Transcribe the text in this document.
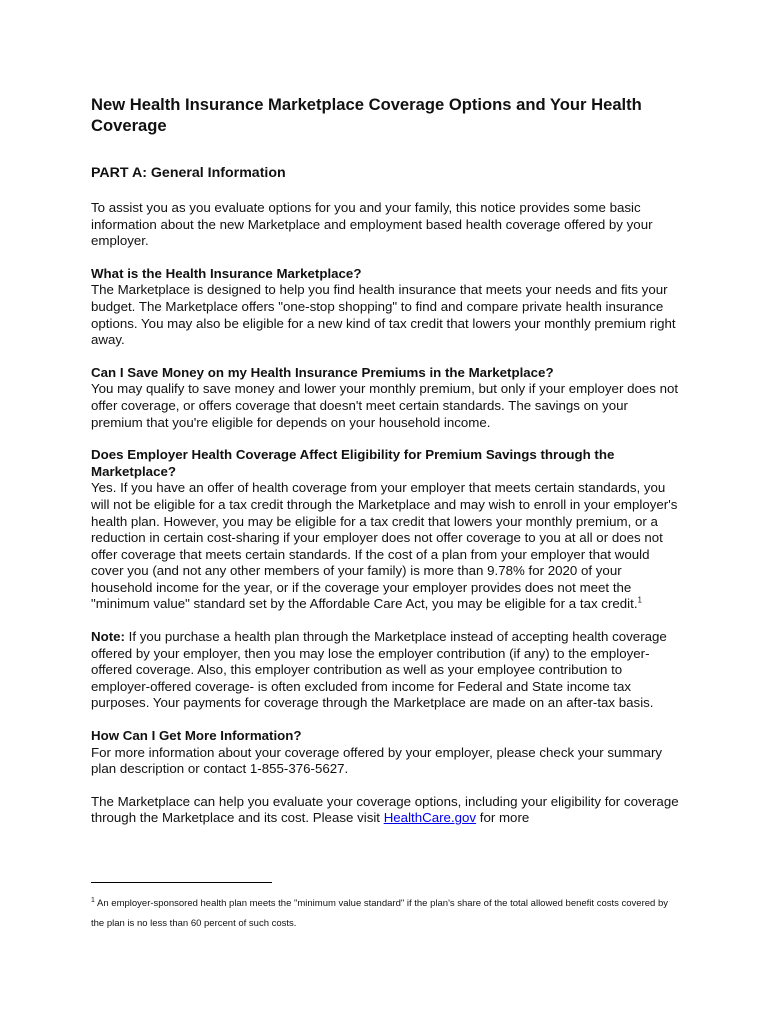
New Health Insurance Marketplace Coverage Options and Your Health Coverage
PART A: General Information
To assist you as you evaluate options for you and your family, this notice provides some basic information about the new Marketplace and employment based health coverage offered by your employer.
What is the Health Insurance Marketplace?
The Marketplace is designed to help you find health insurance that meets your needs and fits your budget. The Marketplace offers "one-stop shopping" to find and compare private health insurance options. You may also be eligible for a new kind of tax credit that lowers your monthly premium right away.
Can I Save Money on my Health Insurance Premiums in the Marketplace?
You may qualify to save money and lower your monthly premium, but only if your employer does not offer coverage, or offers coverage that doesn't meet certain standards. The savings on your premium that you're eligible for depends on your household income.
Does Employer Health Coverage Affect Eligibility for Premium Savings through the Marketplace?
Yes. If you have an offer of health coverage from your employer that meets certain standards, you will not be eligible for a tax credit through the Marketplace and may wish to enroll in your employer's health plan. However, you may be eligible for a tax credit that lowers your monthly premium, or a reduction in certain cost-sharing if your employer does not offer coverage to you at all or does not offer coverage that meets certain standards. If the cost of a plan from your employer that would cover you (and not any other members of your family) is more than 9.78% for 2020 of your household income for the year, or if the coverage your employer provides does not meet the "minimum value" standard set by the Affordable Care Act, you may be eligible for a tax credit.$^1$
Note: If you purchase a health plan through the Marketplace instead of accepting health coverage offered by your employer, then you may lose the employer contribution (if any) to the employer-offered coverage. Also, this employer contribution as well as your employee contribution to employer-offered coverage- is often excluded from income for Federal and State income tax purposes. Your payments for coverage through the Marketplace are made on an after-tax basis.
How Can I Get More Information?
For more information about your coverage offered by your employer, please check your summary plan description or contact 1-855-376-5627.
The Marketplace can help you evaluate your coverage options, including your eligibility for coverage through the Marketplace and its cost. Please visit HealthCare.gov for more
$^1$ An employer-sponsored health plan meets the "minimum value standard" if the plan's share of the total allowed benefit costs covered by the plan is no less than 60 percent of such costs.
